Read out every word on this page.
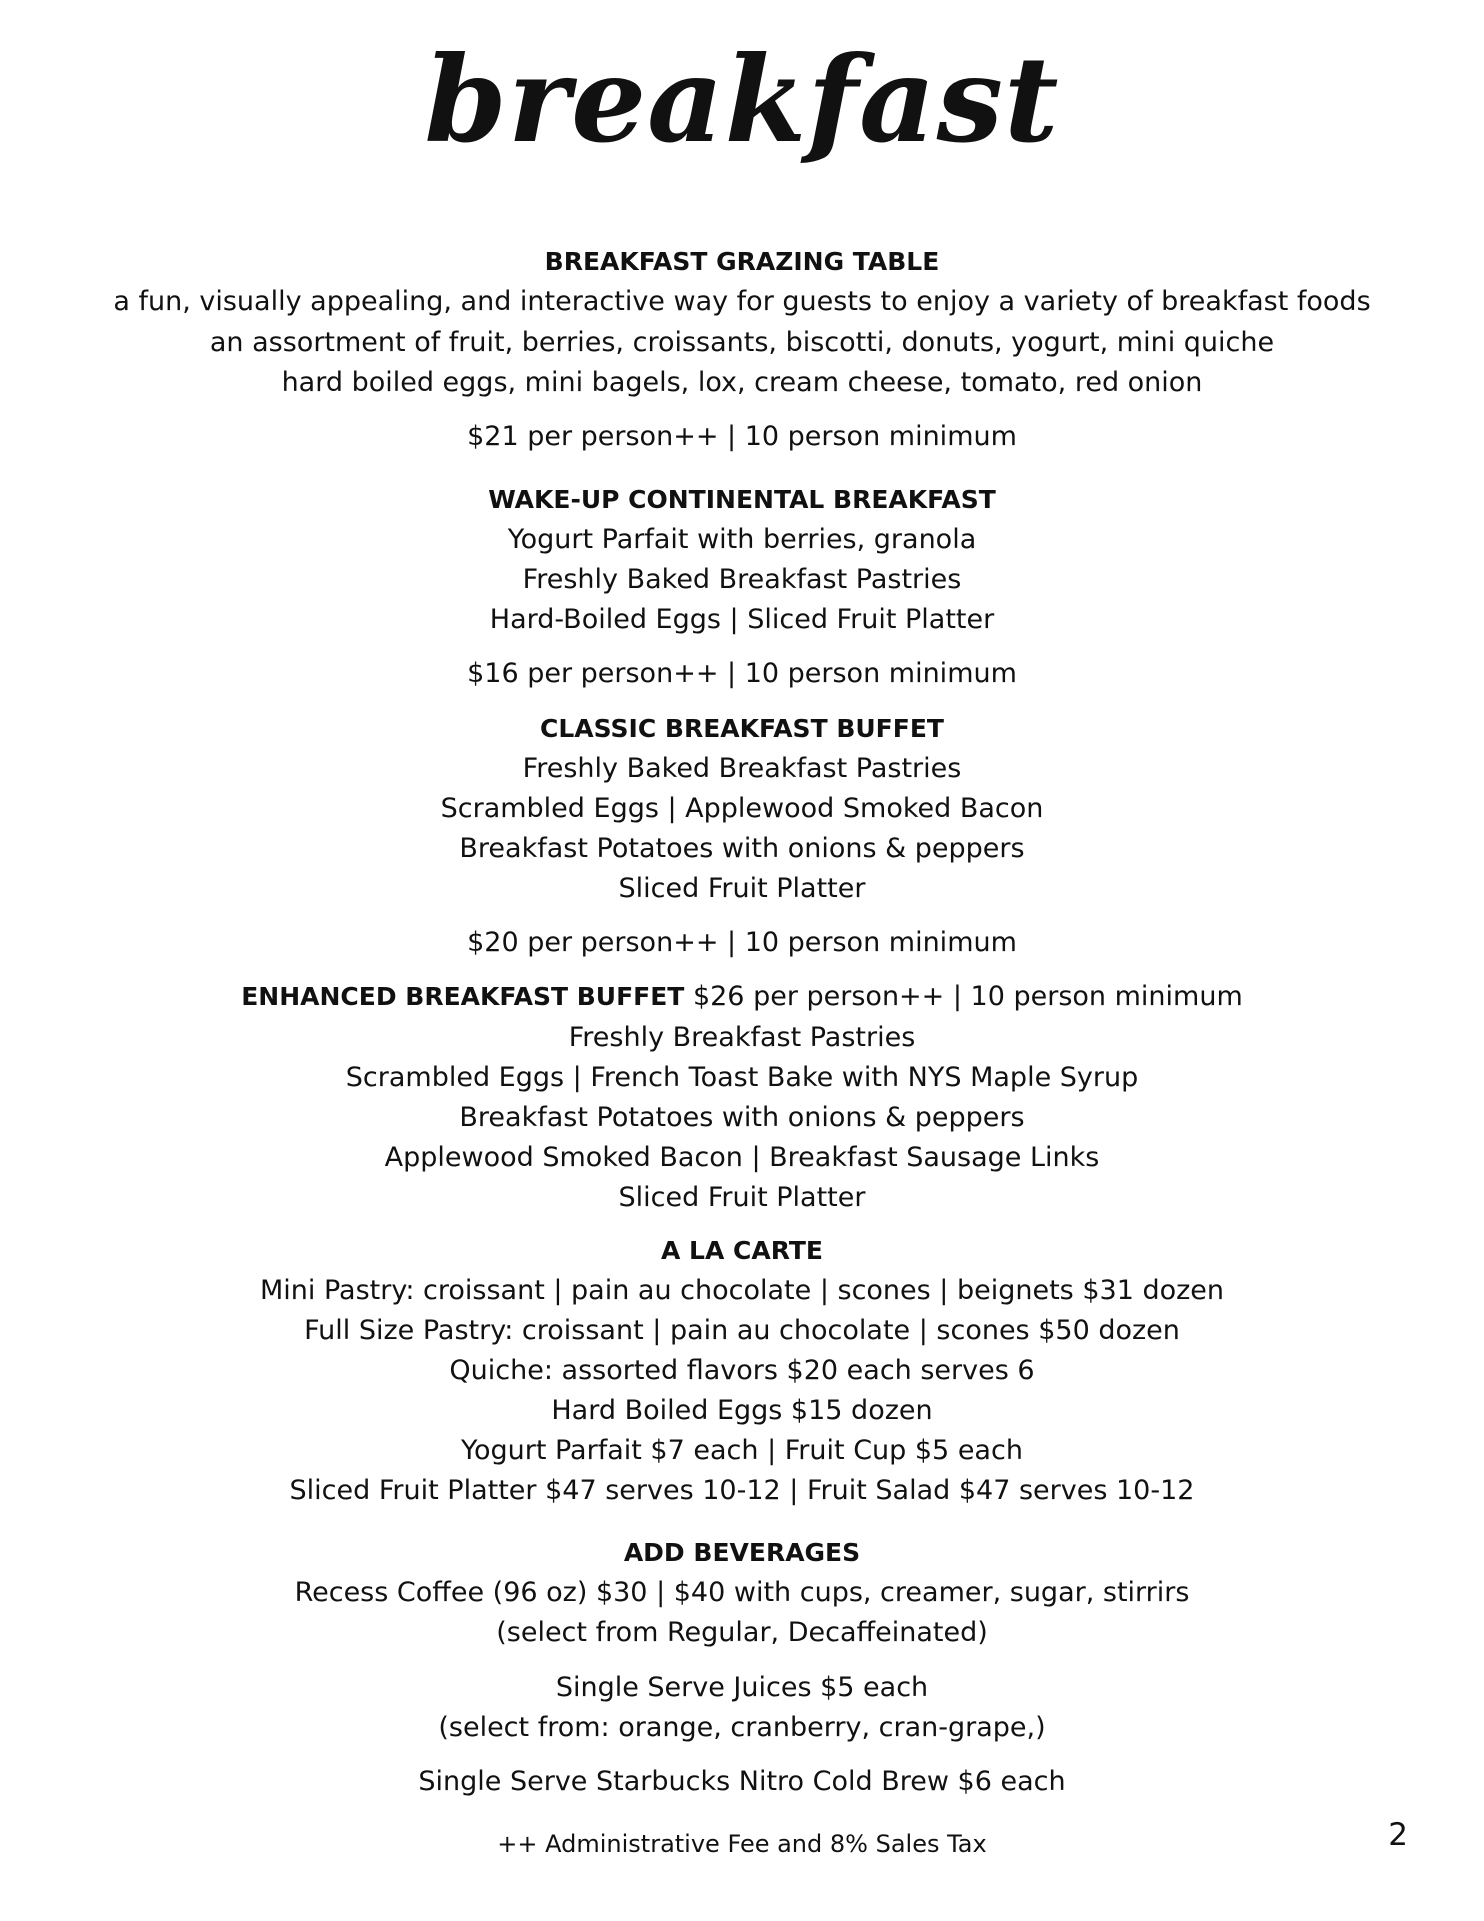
breakfast
BREAKFAST GRAZING TABLE
a fun, visually appealing, and interactive way for guests to enjoy a variety of breakfast foods
an assortment of fruit, berries, croissants, biscotti, donuts, yogurt, mini quiche
hard boiled eggs, mini bagels, lox, cream cheese, tomato, red onion
$21 per person++ | 10 person minimum
WAKE-UP CONTINENTAL BREAKFAST
Yogurt Parfait with berries, granola
Freshly Baked Breakfast Pastries
Hard-Boiled Eggs | Sliced Fruit Platter
$16 per person++ | 10 person minimum
CLASSIC BREAKFAST BUFFET
Freshly Baked Breakfast Pastries
Scrambled Eggs | Applewood Smoked Bacon
Breakfast Potatoes with onions & peppers
Sliced Fruit Platter
$20 per person++ | 10 person minimum
ENHANCED BREAKFAST BUFFET $26 per person++ | 10 person minimum
Freshly Breakfast Pastries
Scrambled Eggs | French Toast Bake with NYS Maple Syrup
Breakfast Potatoes with onions & peppers
Applewood Smoked Bacon | Breakfast Sausage Links
Sliced Fruit Platter
A LA CARTE
Mini Pastry: croissant | pain au chocolate | scones | beignets $31 dozen
Full Size Pastry: croissant | pain au chocolate | scones $50 dozen
Quiche: assorted flavors $20 each serves 6
Hard Boiled Eggs $15 dozen
Yogurt Parfait $7 each | Fruit Cup $5 each
Sliced Fruit Platter $47 serves 10-12 | Fruit Salad $47 serves 10-12
ADD BEVERAGES
Recess Coffee (96 oz) $30 | $40 with cups, creamer, sugar, stirrirs
(select from Regular, Decaffeinated)
Single Serve Juices $5 each
(select from: orange, cranberry, cran-grape,)
Single Serve Starbucks Nitro Cold Brew $6 each
++ Administrative Fee and 8% Sales Tax	2
